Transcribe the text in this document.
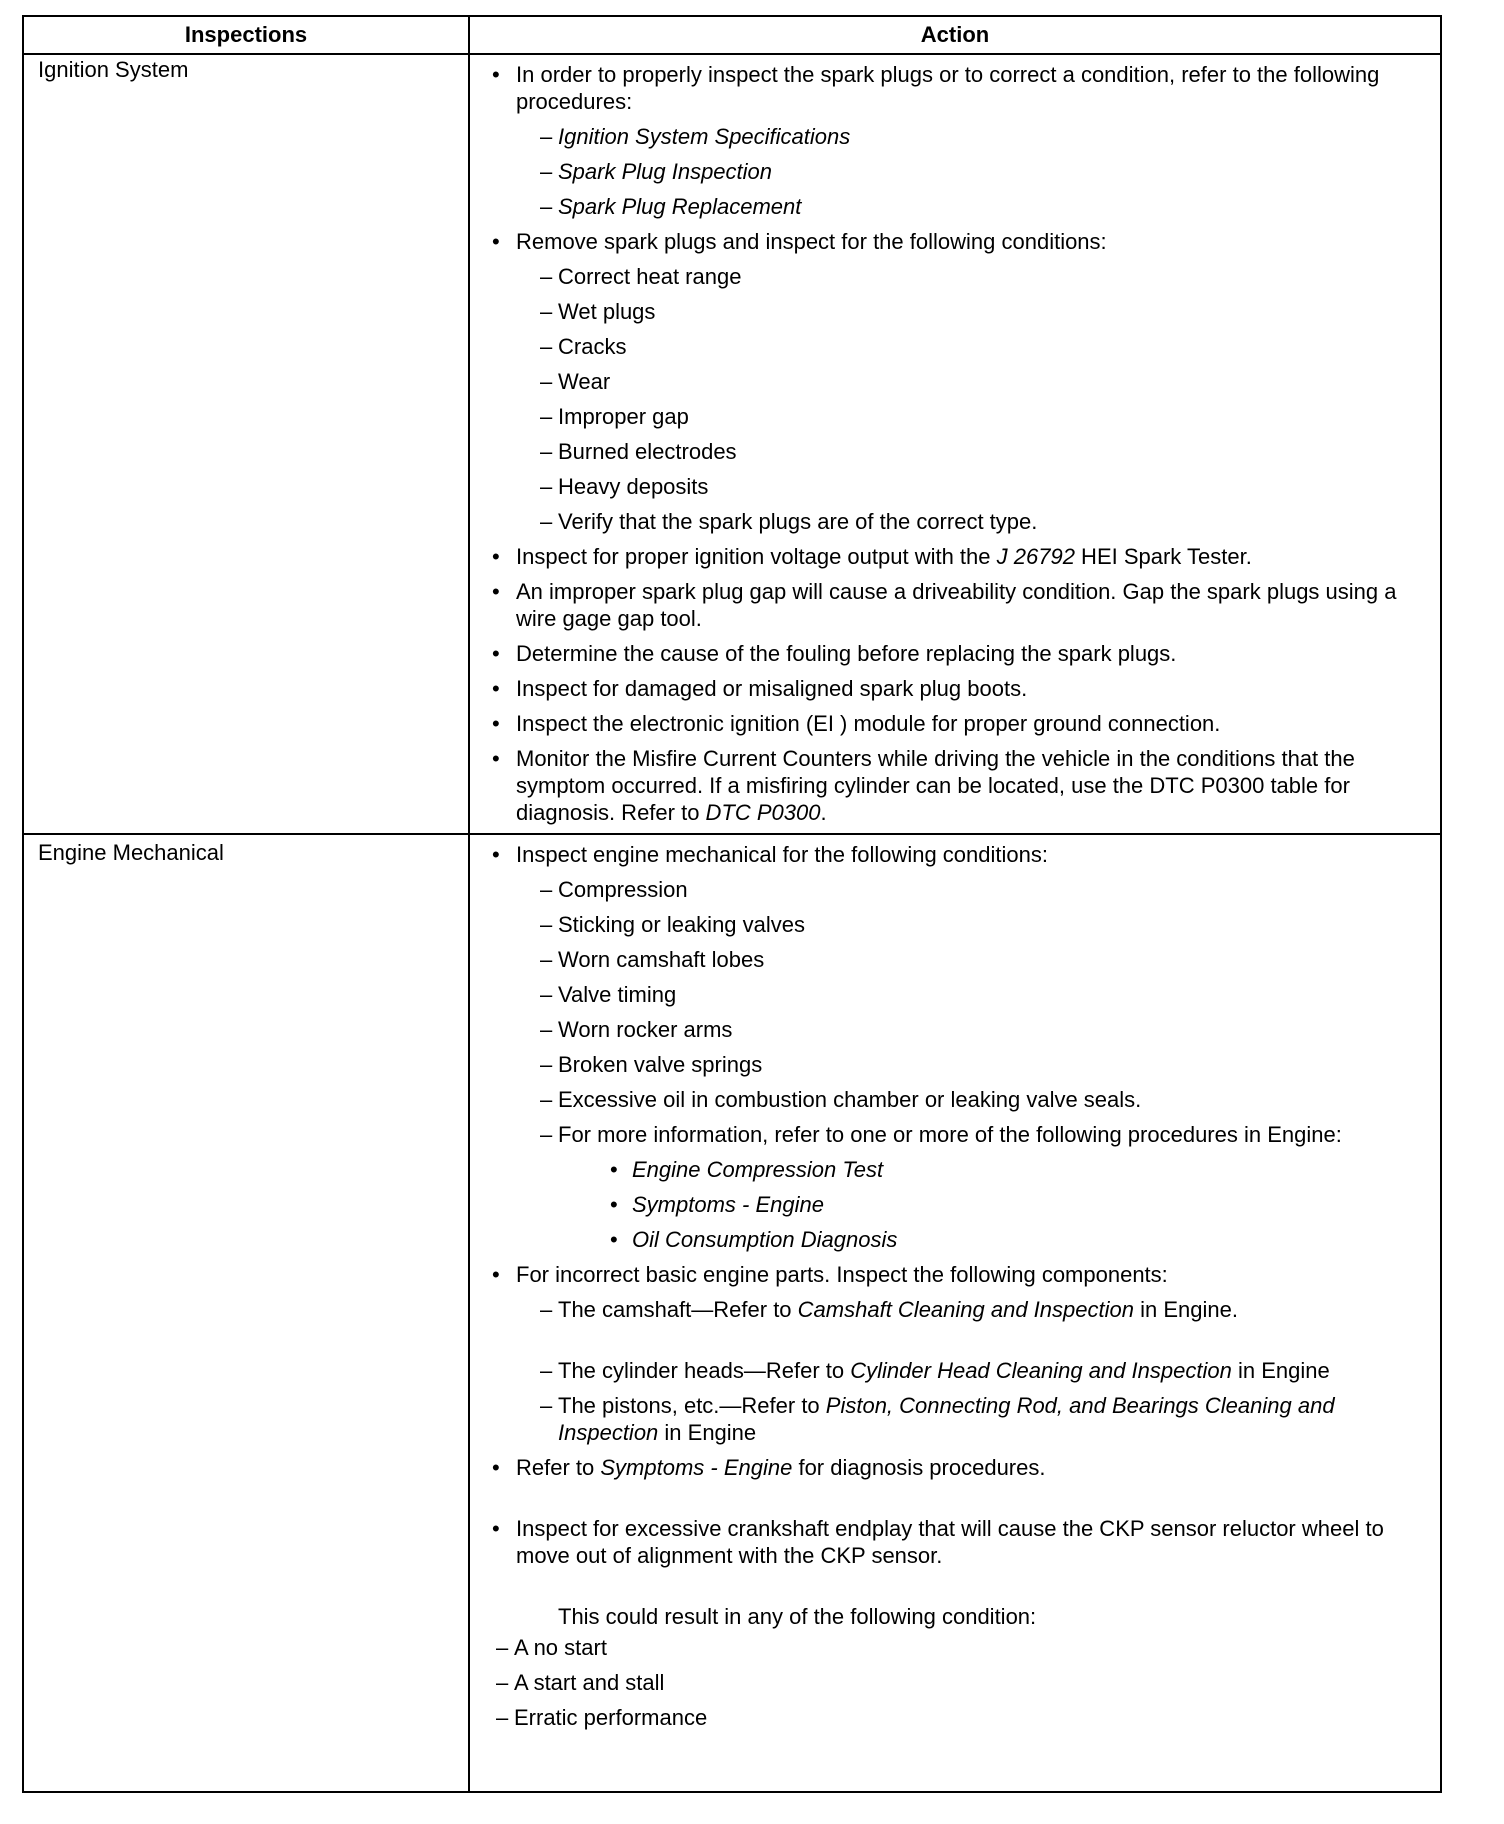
Inspections	Action
Ignition System	• In order to properly inspect the spark plugs or to correct a condition, refer to the following procedures:
– Ignition System Specifications
– Spark Plug Inspection
– Spark Plug Replacement
• Remove spark plugs and inspect for the following conditions:
– Correct heat range
– Wet plugs
– Cracks
– Wear
– Improper gap
– Burned electrodes
– Heavy deposits
– Verify that the spark plugs are of the correct type.
• Inspect for proper ignition voltage output with the J 26792 HEI Spark Tester.
• An improper spark plug gap will cause a driveability condition. Gap the spark plugs using a wire gage gap tool.
• Determine the cause of the fouling before replacing the spark plugs.
• Inspect for damaged or misaligned spark plug boots.
• Inspect the electronic ignition (EI ) module for proper ground connection.
• Monitor the Misfire Current Counters while driving the vehicle in the conditions that the symptom occurred. If a misfiring cylinder can be located, use the DTC P0300 table for diagnosis. Refer to DTC P0300.
Engine Mechanical	• Inspect engine mechanical for the following conditions:
– Compression
– Sticking or leaking valves
– Worn camshaft lobes
– Valve timing
– Worn rocker arms
– Broken valve springs
– Excessive oil in combustion chamber or leaking valve seals.
– For more information, refer to one or more of the following procedures in Engine:
• Engine Compression Test
• Symptoms - Engine
• Oil Consumption Diagnosis
• For incorrect basic engine parts. Inspect the following components:
– The camshaft—Refer to Camshaft Cleaning and Inspection in Engine.
– The cylinder heads—Refer to Cylinder Head Cleaning and Inspection in Engine
– The pistons, etc.—Refer to Piston, Connecting Rod, and Bearings Cleaning and Inspection in Engine
• Refer to Symptoms - Engine for diagnosis procedures.
• Inspect for excessive crankshaft endplay that will cause the CKP sensor reluctor wheel to move out of alignment with the CKP sensor.
This could result in any of the following condition:
– A no start
– A start and stall
– Erratic performance
